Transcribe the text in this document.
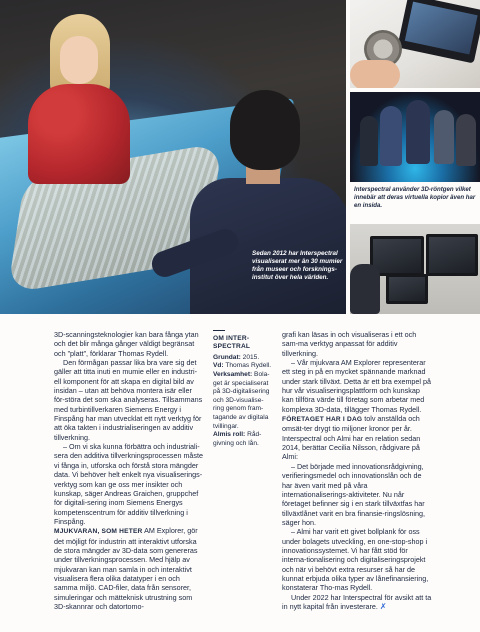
Sedan 2012 har Interspectral visualiserat mer än 30 mumier från museer och forsknings-institut över hela världen.
Interspectral använder 3D-röntgen vilket innebär att deras virtuella kopior även har en insida.

3D-scanningsteknologier kan bara fånga ytan och det blir många gånger väldigt begränsat och ”platt”, förklarar Thomas Rydell.

Den förmågan passar lika bra vare sig det gäller att titta inuti en mumie eller en industri-ell komponent för att skapa en digital bild av insidan – utan att behöva montera isär eller för-störa det som ska analyseras. Tillsammans med turbintillverkaren Siemens Energy i Finspång har man utvecklat ett nytt verktyg för att öka takten i industrialiseringen av additiv tillverkning.

– Om vi ska kunna förbättra och industriali-sera den additiva tillverkningsprocessen måste vi fånga in, utforska och förstå stora mängder data. Vi behöver helt enkelt nya visualiserings-verktyg som kan ge oss mer insikter och kunskap, säger Andreas Graichen, gruppchef för digitali-sering inom Siemens Energys kompetenscentrum för additiv tillverkning i Finspång.

MJUKVARAN, SOM HETER AM Explorer, gör det möjligt för industrin att interaktivt utforska de stora mängder av 3D-data som genereras under tillverkningsprocessen. Med hjälp av mjukvaran kan man samla in och interaktivt visualisera flera olika datatyper i en och samma miljö. CAD-filer, data från sensorer, simuleringar och mätteknisk utrustning som 3D-skannrar och datortomo-

OM INTER-SPECTRAL

Grundat: 2015.

Vd: Thomas Rydell.

Verksamhet: Bola-get är specialiserat på 3D-digitalisering och 3D-visualise-ring genom fram-tagande av digitala tvillingar.

Almis roll: Råd-givning och lån.

grafi kan läsas in och visualiseras i ett och sam-ma verktyg anpassat för additiv tillverkning.

– Vår mjukvara AM Explorer representerar ett steg in på en mycket spännande marknad under stark tillväxt. Detta är ett bra exempel på hur vår visualiseringsplattform och kunskap kan tillföra värde till företag som arbetar med komplexa 3D-data, tillägger Thomas Rydell.

FÖRETAGET HAR I DAG tolv anställda och omsät-ter drygt tio miljoner kronor per år. Interspectral och Almi har en relation sedan 2014, berättar Cecilia Nilsson, rådgivare på Almi:

– Det började med innovationsrådgivning, verifieringsmedel och innovationslån och de har även varit med på våra internationaliserings-aktiviteter. Nu når företaget befinner sig i en stark tillväxtfas har tillväxtlånet varit en bra finansie-ringslösning, säger hon.

– Almi har varit ett givet bollplank för oss under bolagets utveckling, en one-stop-shop i innovationssystemet. Vi har fått stöd för interna-tionalisering och digitaliseringsprojekt och när vi behövt extra resurser så har de kunnat erbjuda olika typer av lånefinansiering, konstaterar Tho-mas Rydell.

Under 2022 har Interspectral för avsikt att ta in nytt kapital från investerare. ✗
